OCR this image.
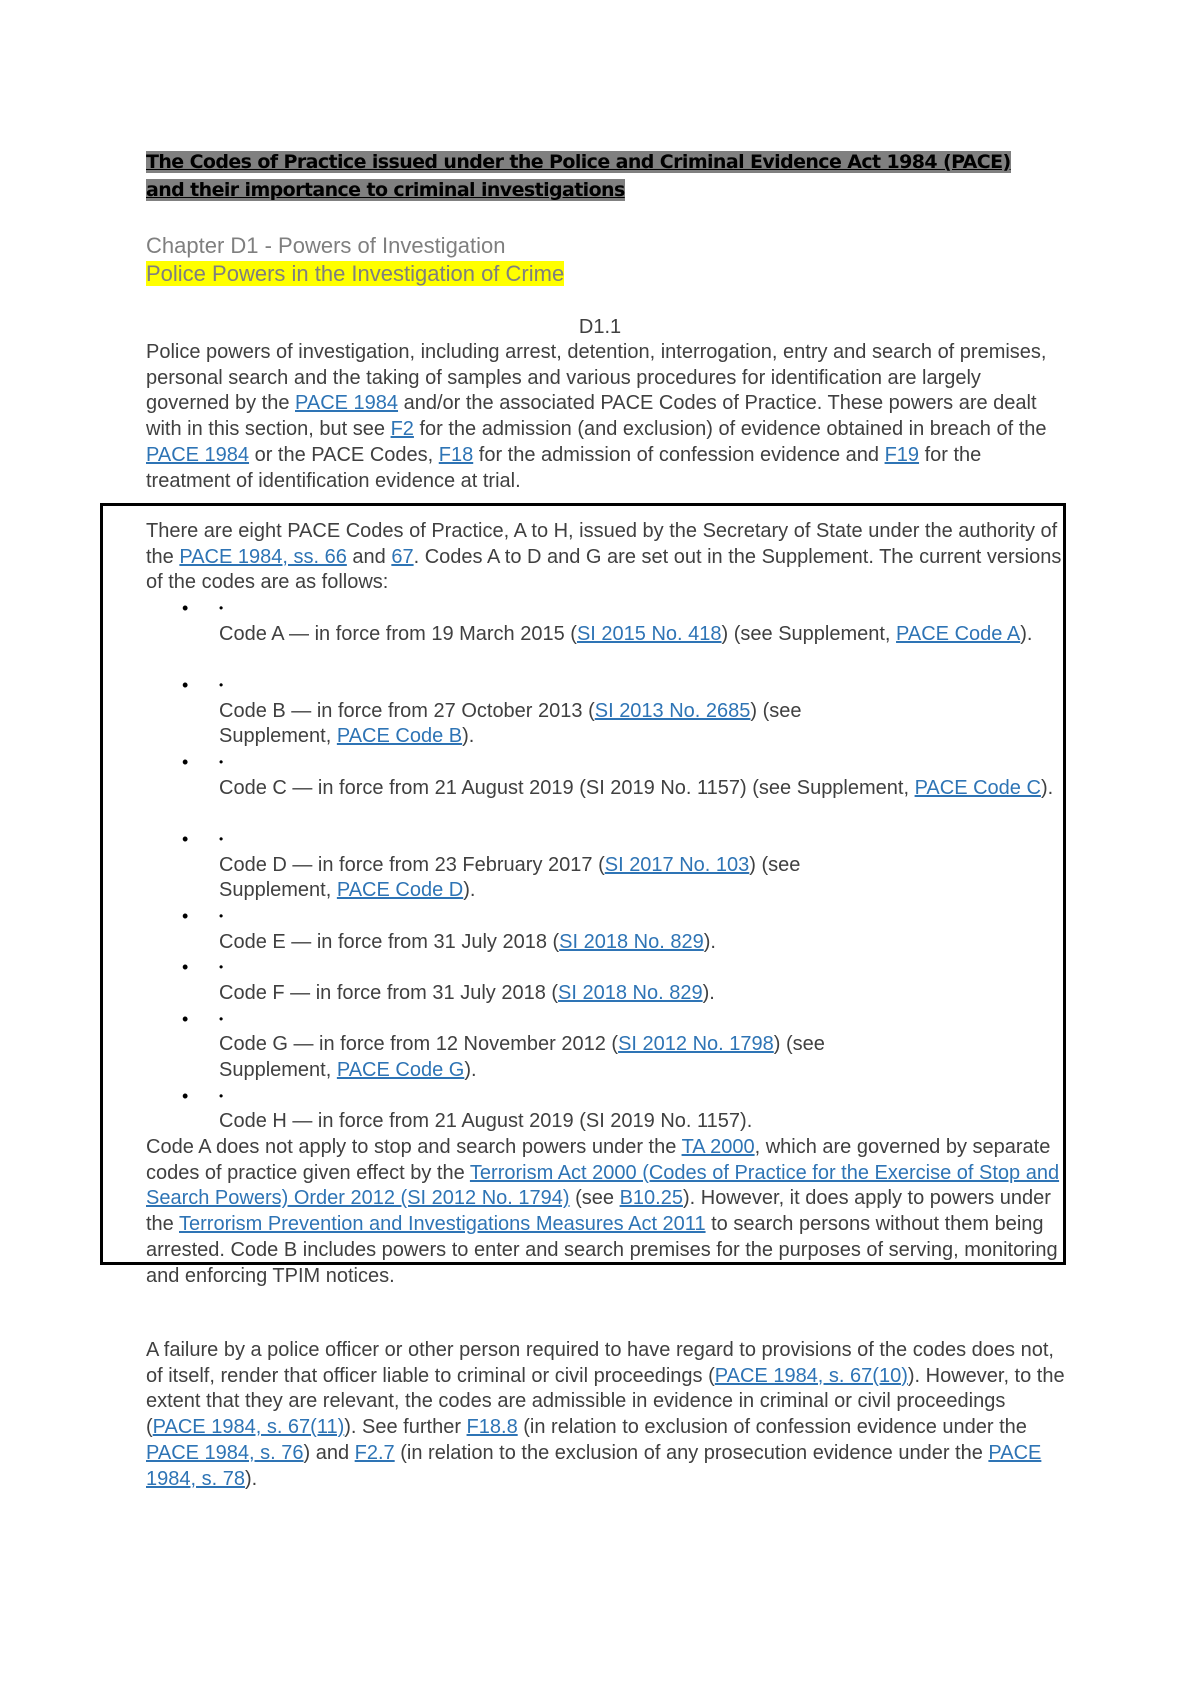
The Codes of Practice issued under the Police and Criminal Evidence Act 1984 (PACE) and their importance to criminal investigations
Chapter D1 - Powers of Investigation
Police Powers in the Investigation of Crime
D1.1
Police powers of investigation, including arrest, detention, interrogation, entry and search of premises, personal search and the taking of samples and various procedures for identification are largely governed by the PACE 1984 and/or the associated PACE Codes of Practice. These powers are dealt with in this section, but see F2 for the admission (and exclusion) of evidence obtained in breach of the PACE 1984 or the PACE Codes, F18 for the admission of confession evidence and F19 for the treatment of identification evidence at trial.
There are eight PACE Codes of Practice, A to H, issued by the Secretary of State under the authority of the PACE 1984, ss. 66 and 67. Codes A to D and G are set out in the Supplement. The current versions of the codes are as follows:
•	•
Code A — in force from 19 March 2015 (SI 2015 No. 418) (see Supplement, PACE Code A).
•	•
Code B — in force from 27 October 2013 (SI 2013 No. 2685) (see Supplement, PACE Code B).
•	•
Code C — in force from 21 August 2019 (SI 2019 No. 1157) (see Supplement, PACE Code C).
•	•
Code D — in force from 23 February 2017 (SI 2017 No. 103) (see Supplement, PACE Code D).
•	•
Code E — in force from 31 July 2018 (SI 2018 No. 829).
•	•
Code F — in force from 31 July 2018 (SI 2018 No. 829).
•	•
Code G — in force from 12 November 2012 (SI 2012 No. 1798) (see Supplement, PACE Code G).
•	•
Code H — in force from 21 August 2019 (SI 2019 No. 1157).
Code A does not apply to stop and search powers under the TA 2000, which are governed by separate codes of practice given effect by the Terrorism Act 2000 (Codes of Practice for the Exercise of Stop and Search Powers) Order 2012 (SI 2012 No. 1794) (see B10.25). However, it does apply to powers under the Terrorism Prevention and Investigations Measures Act 2011 to search persons without them being arrested. Code B includes powers to enter and search premises for the purposes of serving, monitoring and enforcing TPIM notices.
A failure by a police officer or other person required to have regard to provisions of the codes does not, of itself, render that officer liable to criminal or civil proceedings (PACE 1984, s. 67(10)). However, to the extent that they are relevant, the codes are admissible in evidence in criminal or civil proceedings (PACE 1984, s. 67(11)). See further F18.8 (in relation to exclusion of confession evidence under the PACE 1984, s. 76) and F2.7 (in relation to the exclusion of any prosecution evidence under the PACE 1984, s. 78).
